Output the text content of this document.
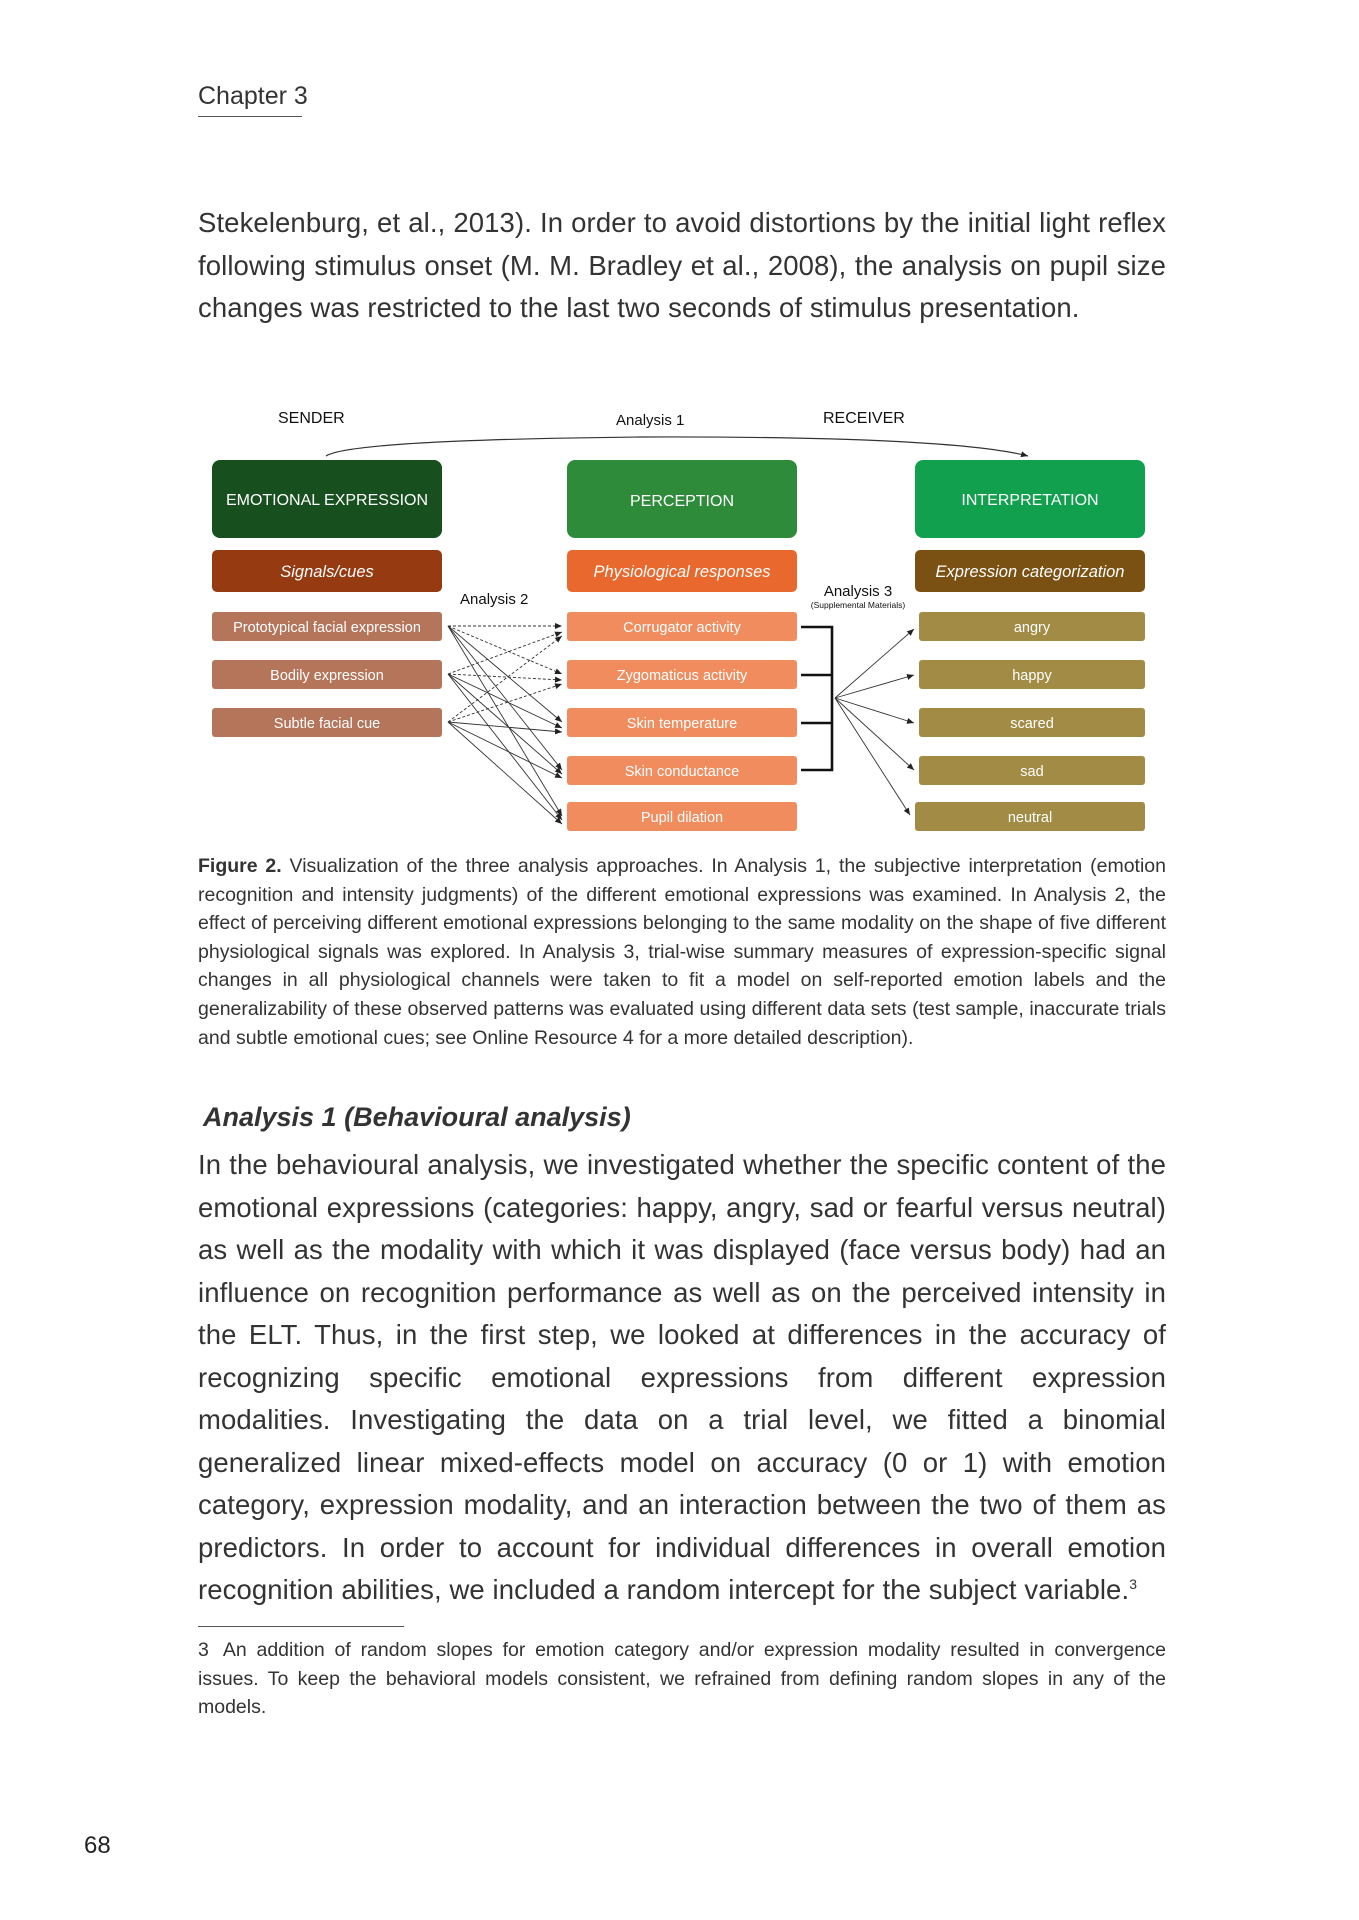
Chapter 3
Stekelenburg, et al., 2013). In order to avoid distortions by the initial light reflex following stimulus onset (M. M. Bradley et al., 2008), the analysis on pupil size changes was restricted to the last two seconds of stimulus presentation.
SENDER	Analysis 1	RECEIVER
EMOTIONAL EXPRESSION	PERCEPTION	INTERPRETATION
Signals/cues	Physiological responses	Expression categorization
Analysis 2	Analysis 3
(Supplemental Materials)
Prototypical facial expression
Bodily expression
Subtle facial cue
Corrugator activity
Zygomaticus activity
Skin temperature
Skin conductance
Pupil dilation
angry
happy
scared
sad
neutral
Figure 2. Visualization of the three analysis approaches. In Analysis 1, the subjective interpretation (emotion recognition and intensity judgments) of the different emotional expressions was examined. In Analysis 2, the effect of perceiving different emotional expressions belonging to the same modality on the shape of five different physiological signals was explored. In Analysis 3, trial-wise summary measures of expression-specific signal changes in all physiological channels were taken to fit a model on self-reported emotion labels and the generalizability of these observed patterns was evaluated using different data sets (test sample, inaccurate trials and subtle emotional cues; see Online Resource 4 for a more detailed description).
Analysis 1 (Behavioural analysis)
In the behavioural analysis, we investigated whether the specific content of the emotional expressions (categories: happy, angry, sad or fearful versus neutral) as well as the modality with which it was displayed (face versus body) had an influence on recognition performance as well as on the perceived intensity in the ELT. Thus, in the first step, we looked at differences in the accuracy of recognizing specific emotional expressions from different expression modalities. Investigating the data on a trial level, we fitted a binomial generalized linear mixed-effects model on accuracy (0 or 1) with emotion category, expression modality, and an interaction between the two of them as predictors. In order to account for individual differences in overall emotion recognition abilities, we included a random intercept for the subject variable.$^3$
3 An addition of random slopes for emotion category and/or expression modality resulted in convergence issues. To keep the behavioral models consistent, we refrained from defining random slopes in any of the models.
68
